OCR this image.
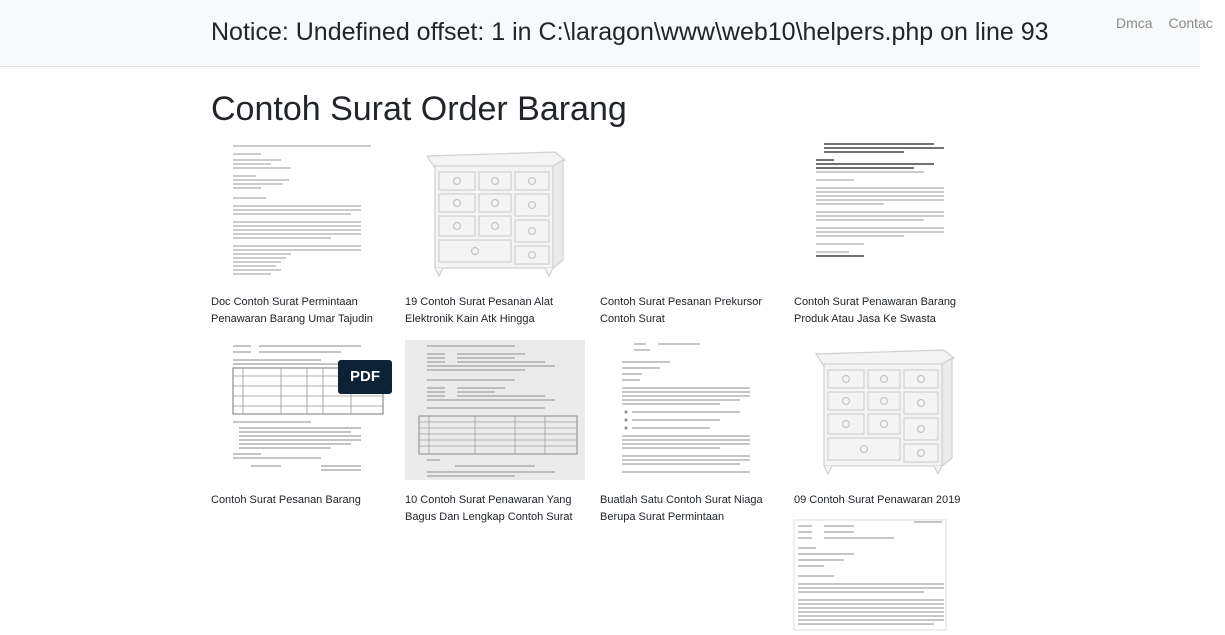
Notice: Undefined offset: 1 in C:\laragon\www\web10\helpers.php on line 93	Dmca Contac
Contoh Surat Order Barang
Doc Contoh Surat Permintaan
Penawaran Barang Umar Tajudin
19 Contoh Surat Pesanan Alat
Elektronik Kain Atk Hingga
Contoh Surat Pesanan Prekursor
Contoh Surat
Contoh Surat Penawaran Barang
Produk Atau Jasa Ke Swasta
Contoh Surat Pesanan Barang
PDF
10 Contoh Surat Penawaran Yang
Bagus Dan Lengkap Contoh Surat
Buatlah Satu Contoh Surat Niaga
Berupa Surat Permintaan
09 Contoh Surat Penawaran 2019
